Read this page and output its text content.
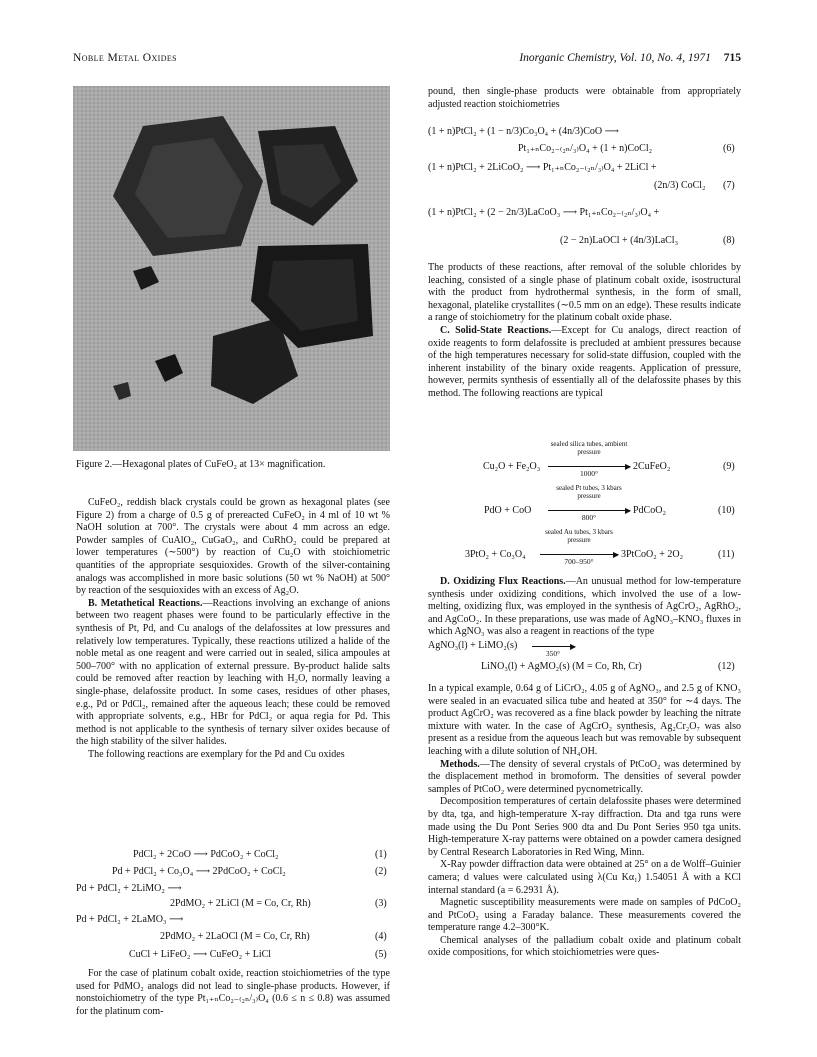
Noble Metal Oxides	Inorganic Chemistry, Vol. 10, No. 4, 1971 715
Figure 2.—Hexagonal plates of CuFeO₂ at 13× magnification.

CuFeO₂, reddish black crystals could be grown as hexagonal plates (see Figure 2) from a charge of 0.5 g of prereacted CuFeO₂ in 4 ml of 10 wt % NaOH solution at 700°. The crystals were about 4 mm across an edge. Powder samples of CuAlO₂, CuGaO₂, and CuRhO₂ could be prepared at lower temperatures (∼500°) by reaction of Cu₂O with stoichiometric quantities of the appropriate sesquioxides. Growth of the silver-containing analogs was accomplished in more basic solutions (50 wt % NaOH) at 500° by reaction of the sesquioxides with an excess of Ag₂O.

B. Metathetical Reactions.—Reactions involving an exchange of anions between two reagent phases were found to be particularly effective in the synthesis of Pt, Pd, and Cu analogs of the delafossites at low pressures and relatively low temperatures. Typically, these reactions utilized a halide of the noble metal as one reagent and were carried out in sealed, silica ampoules at 500–700° with no application of external pressure. By-product halide salts could be removed after reaction by leaching with H₂O, normally leaving a single-phase, delafossite product. In some cases, residues of other phases, e.g., Pd or PdCl₂, remained after the aqueous leach; these could be removed with appropriate solvents, e.g., HBr for PdCl₂ or aqua regia for Pd. This method is not applicable to the synthesis of ternary silver oxides because of the high stability of the silver halides.

The following reactions are exemplary for the Pd and Cu oxides

PdCl₂ + 2CoO ⟶ PdCoO₂ + CoCl₂	(1)
Pd + PdCl₂ + Co₃O₄ ⟶ 2PdCoO₂ + CoCl₂	(2)
Pd + PdCl₂ + 2LiMO₂ ⟶
2PdMO₂ + 2LiCl (M = Co, Cr, Rh)	(3)
Pd + PdCl₂ + 2LaMO₃ ⟶
2PdMO₂ + 2LaOCl (M = Co, Cr, Rh)	(4)
CuCl + LiFeO₂ ⟶ CuFeO₂ + LiCl	(5)

For the case of platinum cobalt oxide, reaction stoichiometries of the type used for PdMO₂ analogs did not lead to single-phase products. However, if nonstoichiometry of the type Pt₁₊ₙCo₂₋₍₂ₙ/₃₎O₄ (0.6 ≤ n ≤ 0.8) was assumed for the platinum com-

pound, then single-phase products were obtainable from appropriately adjusted reaction stoichiometries

(1 + n)PtCl₂ + (1 − n/3)Co₃O₄ + (4n/3)CoO ⟶
Pt₁₊ₙCo₂₋₍₂ₙ/₃₎O₄ + (1 + n)CoCl₂	(6)
(1 + n)PtCl₂ + 2LiCoO₂ ⟶ Pt₁₊ₙCo₂₋₍₂ₙ/₃₎O₄ + 2LiCl +
(2n/3) CoCl₂ (7)
(1 + n)PtCl₂ + (2 − 2n/3)LaCoO₃ ⟶ Pt₁₊ₙCo₂₋₍₂ₙ/₃₎O₄ +
(2 − 2n)LaOCl + (4n/3)LaCl₃	(8)

The products of these reactions, after removal of the soluble chlorides by leaching, consisted of a single phase of platinum cobalt oxide, isostructural with the product from hydrothermal synthesis, in the form of small, hexagonal, platelike crystallites (∼0.5 mm on an edge). These results indicate a range of stoichiometry for the platinum cobalt oxide phase.

C. Solid-State Reactions.—Except for Cu analogs, direct reaction of oxide reagents to form delafossite is precluded at ambient pressures because of the high temperatures necessary for solid-state diffusion, coupled with the inherent instability of the binary oxide reagents. Application of pressure, however, permits synthesis of essentially all of the delafossite phases by this method. The following reactions are typical

Cu₂O + Fe₂O₃
sealed silica tubes, ambient pressure
▶
1000°
2CuFeO₂	(9)
PdO + CoO
sealed Pt tubes, 3 kbars pressure
▶
800°
PdCoO₂	(10)
3PtO₂ + Co₃O₄
sealed Au tubes, 3 kbars pressure
▶
700–950°
3PtCoO₂ + 2O₂	(11)

D. Oxidizing Flux Reactions.—An unusual method for low-temperature synthesis under oxidizing conditions, which involved the use of a low-melting, oxidizing flux, was employed in the synthesis of AgCrO₂, AgRhO₂, and AgCoO₂. In these preparations, use was made of AgNO₃–KNO₃ fluxes in which AgNO₃ was also a reagent in reactions of the type

AgNO₃(l) + LiMO₂(s)	▶
350°
LiNO₃(l) + AgMO₂(s) (M = Co, Rh, Cr)	(12)

In a typical example, 0.64 g of LiCrO₂, 4.05 g of AgNO₃, and 2.5 g of KNO₃ were sealed in an evacuated silica tube and heated at 350° for ∼4 days. The product AgCrO₂ was recovered as a fine black powder by leaching the nitrate mixture with water. In the case of AgCrO₂ synthesis, Ag₂Cr₂O₇ was also present as a residue from the aqueous leach but was removable by subsequent leaching with a dilute solution of NH₄OH.

Methods.—The density of several crystals of PtCoO₂ was determined by the displacement method in bromoform. The densities of several powder samples of PtCoO₂ were determined pycnometrically.

Decomposition temperatures of certain delafossite phases were determined by dta, tga, and high-temperature X-ray diffraction. Dta and tga runs were made using the Du Pont Series 900 dta and Du Pont Series 950 tga units. High-temperature X-ray patterns were obtained on a powder camera designed by Central Research Laboratories in Red Wing, Minn.

X-Ray powder diffraction data were obtained at 25° on a de Wolff–Guinier camera; d values were calculated using λ(Cu Kα₁) 1.54051 Å with a KCl internal standard (a = 6.2931 Å).

Magnetic susceptibility measurements were made on samples of PdCoO₂ and PtCoO₂ using a Faraday balance. These measurements covered the temperature range 4.2–300°K.

Chemical analyses of the palladium cobalt oxide and platinum cobalt oxide compositions, for which stoichiometries were ques-
